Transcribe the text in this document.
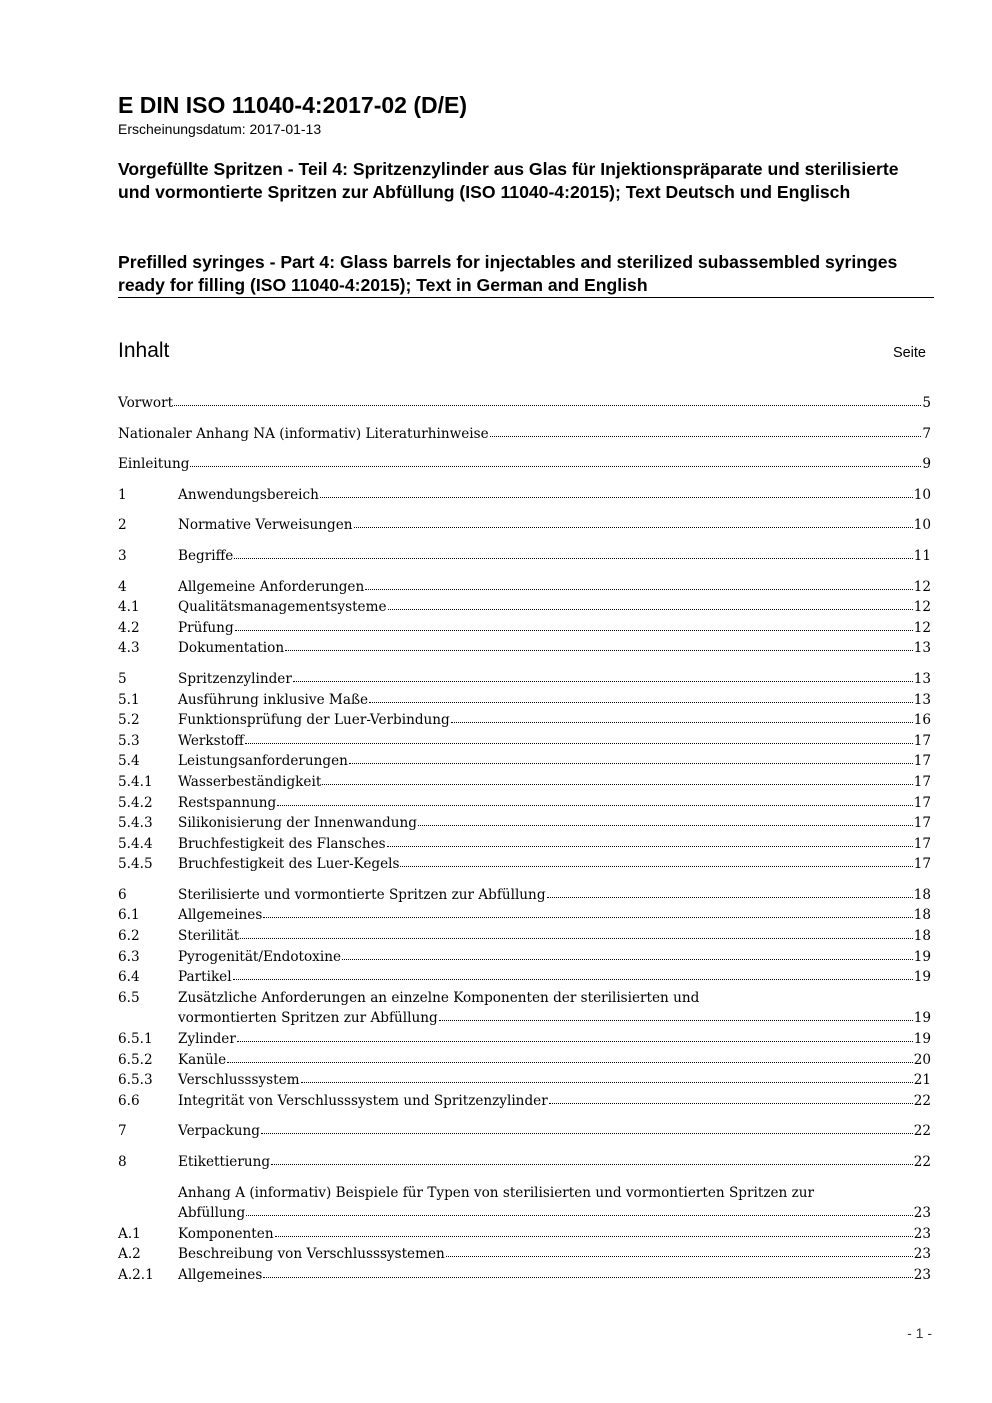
E DIN ISO 11040-4:2017-02 (D/E)
Erscheinungsdatum: 2017-01-13
Vorgefüllte Spritzen - Teil 4: Spritzenzylinder aus Glas für Injektionspräparate und sterilisierte und vormontierte Spritzen zur Abfüllung (ISO 11040-4:2015); Text Deutsch und Englisch
Prefilled syringes - Part 4: Glass barrels for injectables and sterilized subassembled syringes ready for filling (ISO 11040-4:2015); Text in German and English
Inhalt	Seite
Vorwort	5
Nationaler Anhang NA (informativ) Literaturhinweise	7
Einleitung	9
1	Anwendungsbereich	10
2	Normative Verweisungen	10
3	Begriffe	11
4	Allgemeine Anforderungen	12
4.1	Qualitätsmanagementsysteme	12
4.2	Prüfung	12
4.3	Dokumentation	13
5	Spritzenzylinder	13
5.1	Ausführung inklusive Maße	13
5.2	Funktionsprüfung der Luer-Verbindung	16
5.3	Werkstoff	17
5.4	Leistungsanforderungen	17
5.4.1	Wasserbeständigkeit	17
5.4.2	Restspannung	17
5.4.3	Silikonisierung der Innenwandung	17
5.4.4	Bruchfestigkeit des Flansches	17
5.4.5	Bruchfestigkeit des Luer-Kegels	17
6	Sterilisierte und vormontierte Spritzen zur Abfüllung	18
6.1	Allgemeines	18
6.2	Sterilität	18
6.3	Pyrogenität/Endotoxine	19
6.4	Partikel	19
6.5	Zusätzliche Anforderungen an einzelne Komponenten der sterilisierten und
vormontierten Spritzen zur Abfüllung	19
6.5.1	Zylinder	19
6.5.2	Kanüle	20
6.5.3	Verschlusssystem	21
6.6	Integrität von Verschlusssystem und Spritzenzylinder	22
7	Verpackung	22
8	Etikettierung	22
Anhang A (informativ) Beispiele für Typen von sterilisierten und vormontierten Spritzen zur
Abfüllung	23
A.1	Komponenten	23
A.2	Beschreibung von Verschlusssystemen	23
A.2.1	Allgemeines	23
- 1 -
